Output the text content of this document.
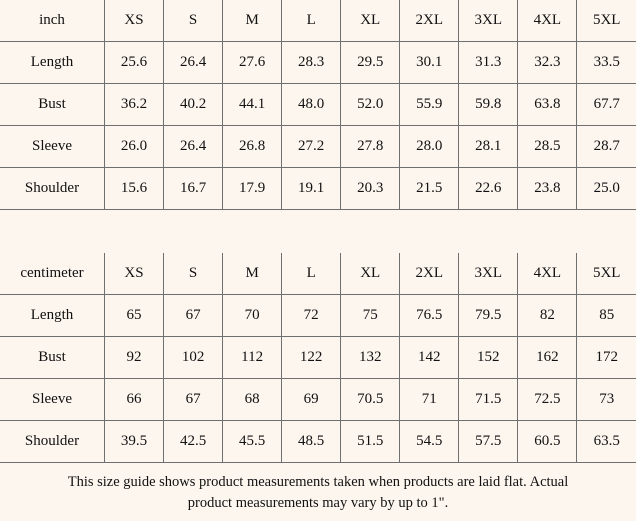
inch	XS	S	M	L	XL	2XL	3XL	4XL	5XL
Length	25.6	26.4	27.6	28.3	29.5	30.1	31.3	32.3	33.5
Bust	36.2	40.2	44.1	48.0	52.0	55.9	59.8	63.8	67.7
Sleeve	26.0	26.4	26.8	27.2	27.8	28.0	28.1	28.5	28.7
Shoulder	15.6	16.7	17.9	19.1	20.3	21.5	22.6	23.8	25.0
centimeter	XS	S	M	L	XL	2XL	3XL	4XL	5XL
Length	65	67	70	72	75	76.5	79.5	82	85
Bust	92	102	112	122	132	142	152	162	172
Sleeve	66	67	68	69	70.5	71	71.5	72.5	73
Shoulder	39.5	42.5	45.5	48.5	51.5	54.5	57.5	60.5	63.5
This size guide shows product measurements taken when products are laid flat. Actual product measurements may vary by up to 1".
